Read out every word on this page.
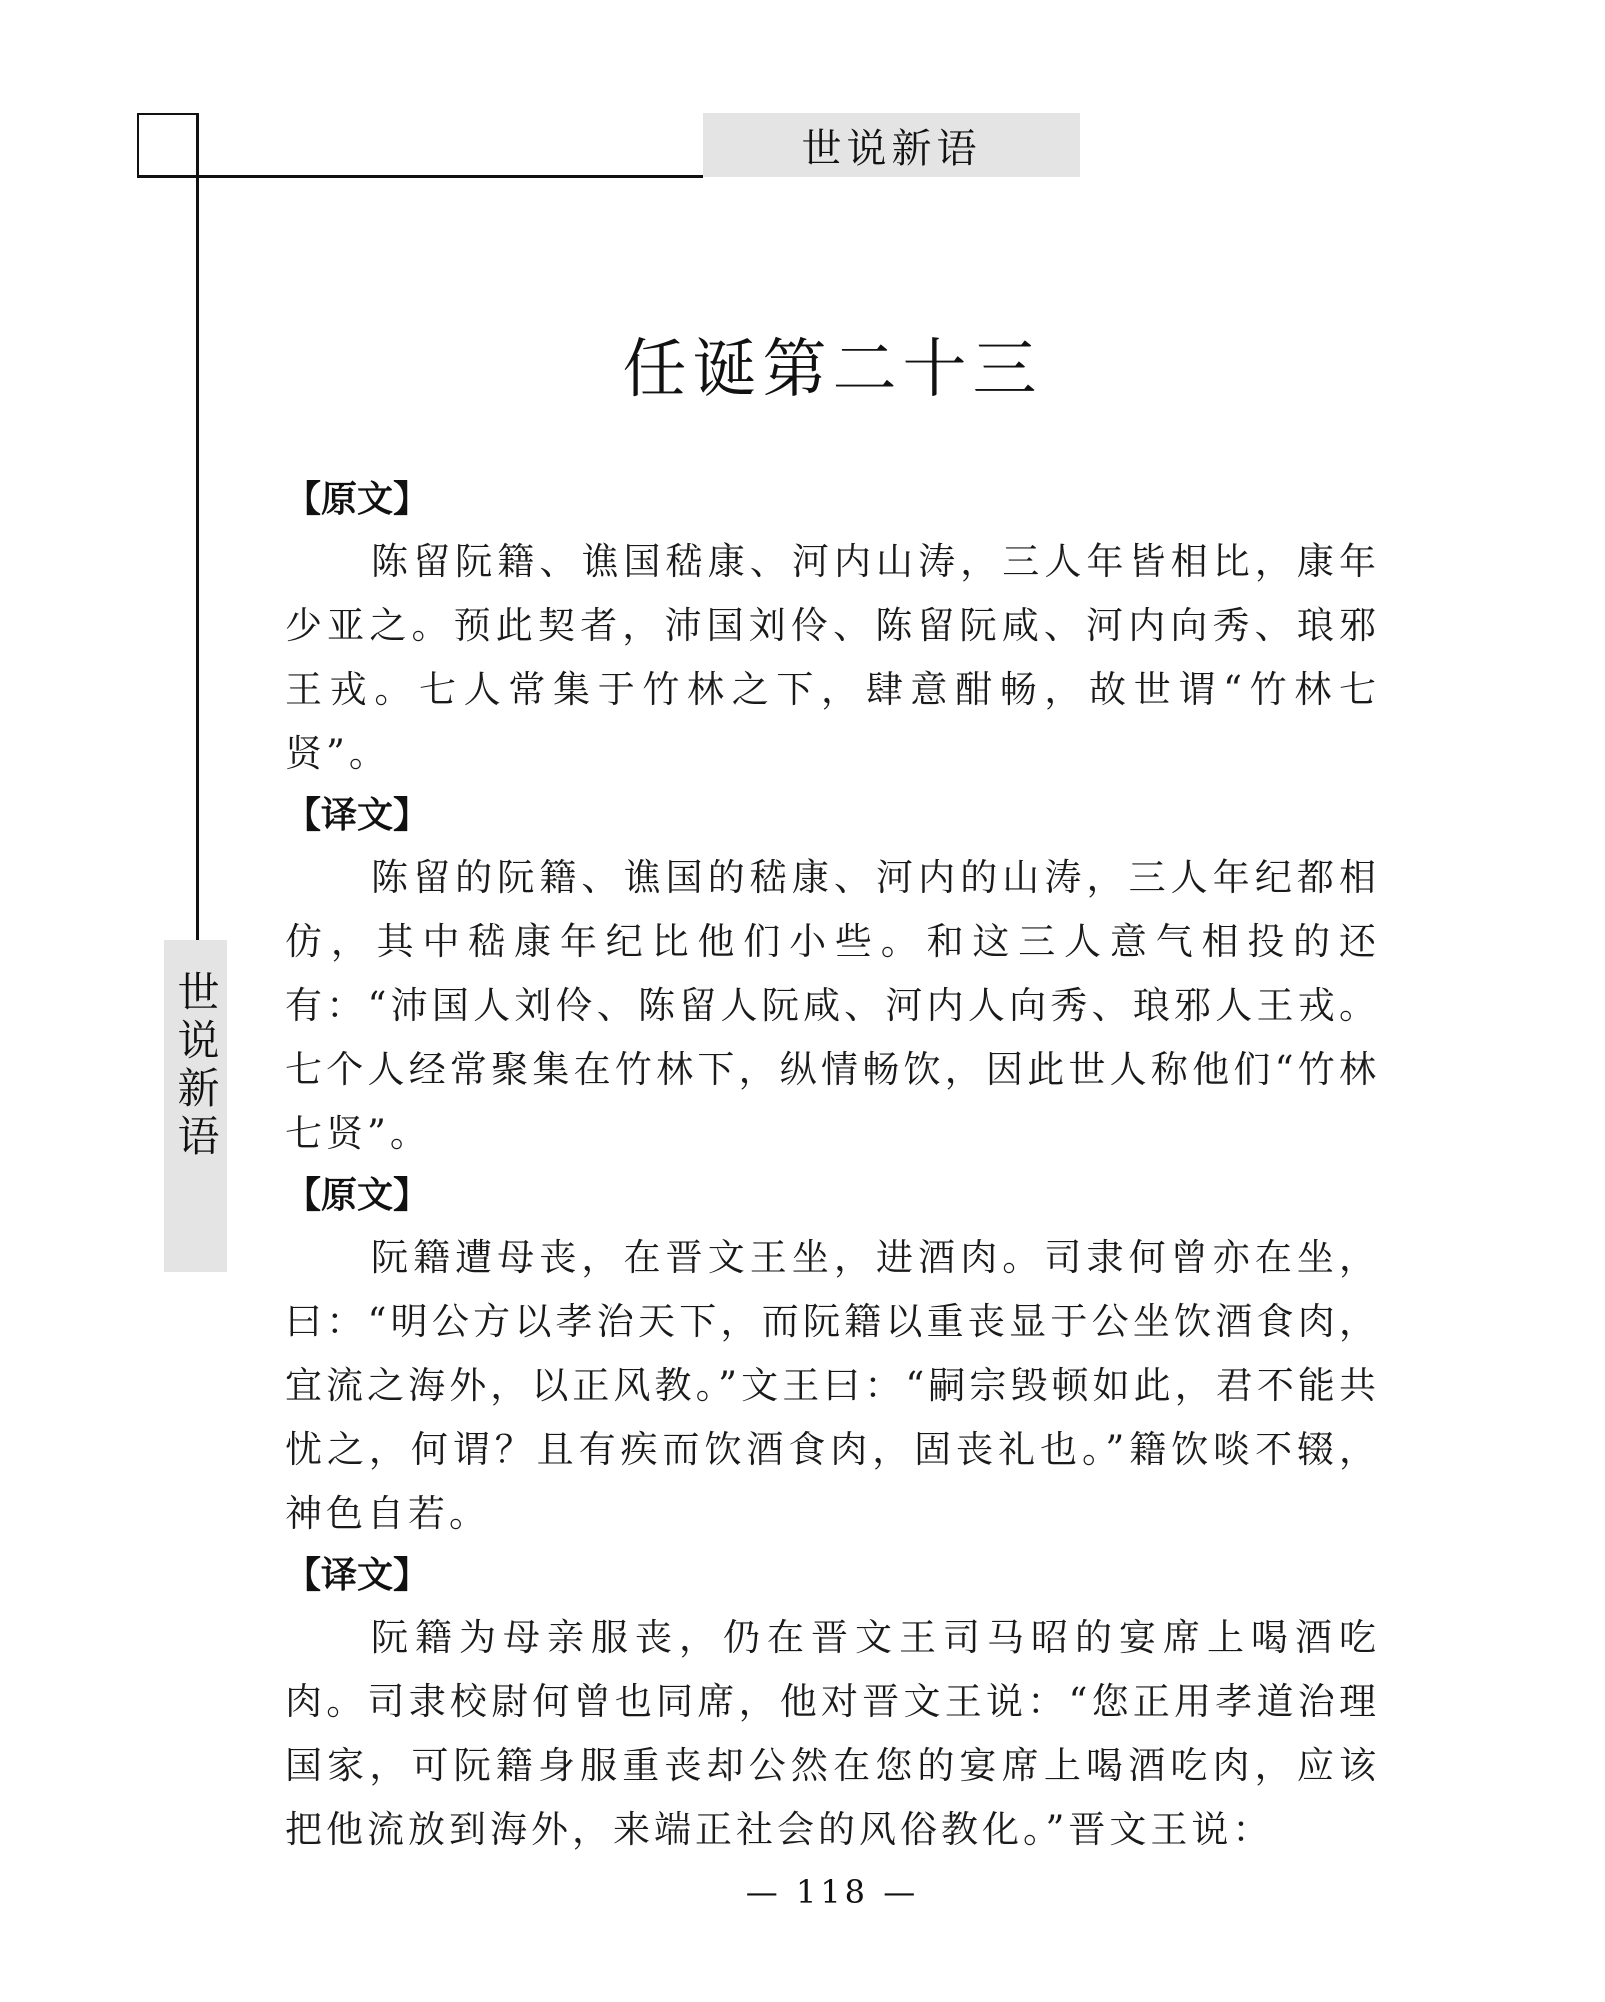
世说新语
世说新语
任诞第二十三

【原文】

陈留阮籍、谯国嵇康、河内山涛，三人年皆相比，康年少亚之。预此契者，沛国刘伶、陈留阮咸、河内向秀、琅邪王戎。七人常集于竹林之下，肆意酣畅，故世谓“竹林七贤”。

【译文】

陈留的阮籍、谯国的嵇康、河内的山涛，三人年纪都相仿，其中嵇康年纪比他们小些。和这三人意气相投的还有：“沛国人刘伶、陈留人阮咸、河内人向秀、琅邪人王戎。七个人经常聚集在竹林下，纵情畅饮，因此世人称他们“竹林七贤”。

【原文】

阮籍遭母丧，在晋文王坐，进酒肉。司隶何曾亦在坐，曰：“明公方以孝治天下，而阮籍以重丧显于公坐饮酒食肉，宜流之海外，以正风教。”文王曰：“嗣宗毁顿如此，君不能共忧之，何谓？且有疾而饮酒食肉，固丧礼也。”籍饮啖不辍，神色自若。

【译文】

阮籍为母亲服丧，仍在晋文王司马昭的宴席上喝酒吃肉。司隶校尉何曾也同席，他对晋文王说：“您正用孝道治理国家，可阮籍身服重丧却公然在您的宴席上喝酒吃肉，应该把他流放到海外，来端正社会的风俗教化。”晋文王说：

— 118 —
